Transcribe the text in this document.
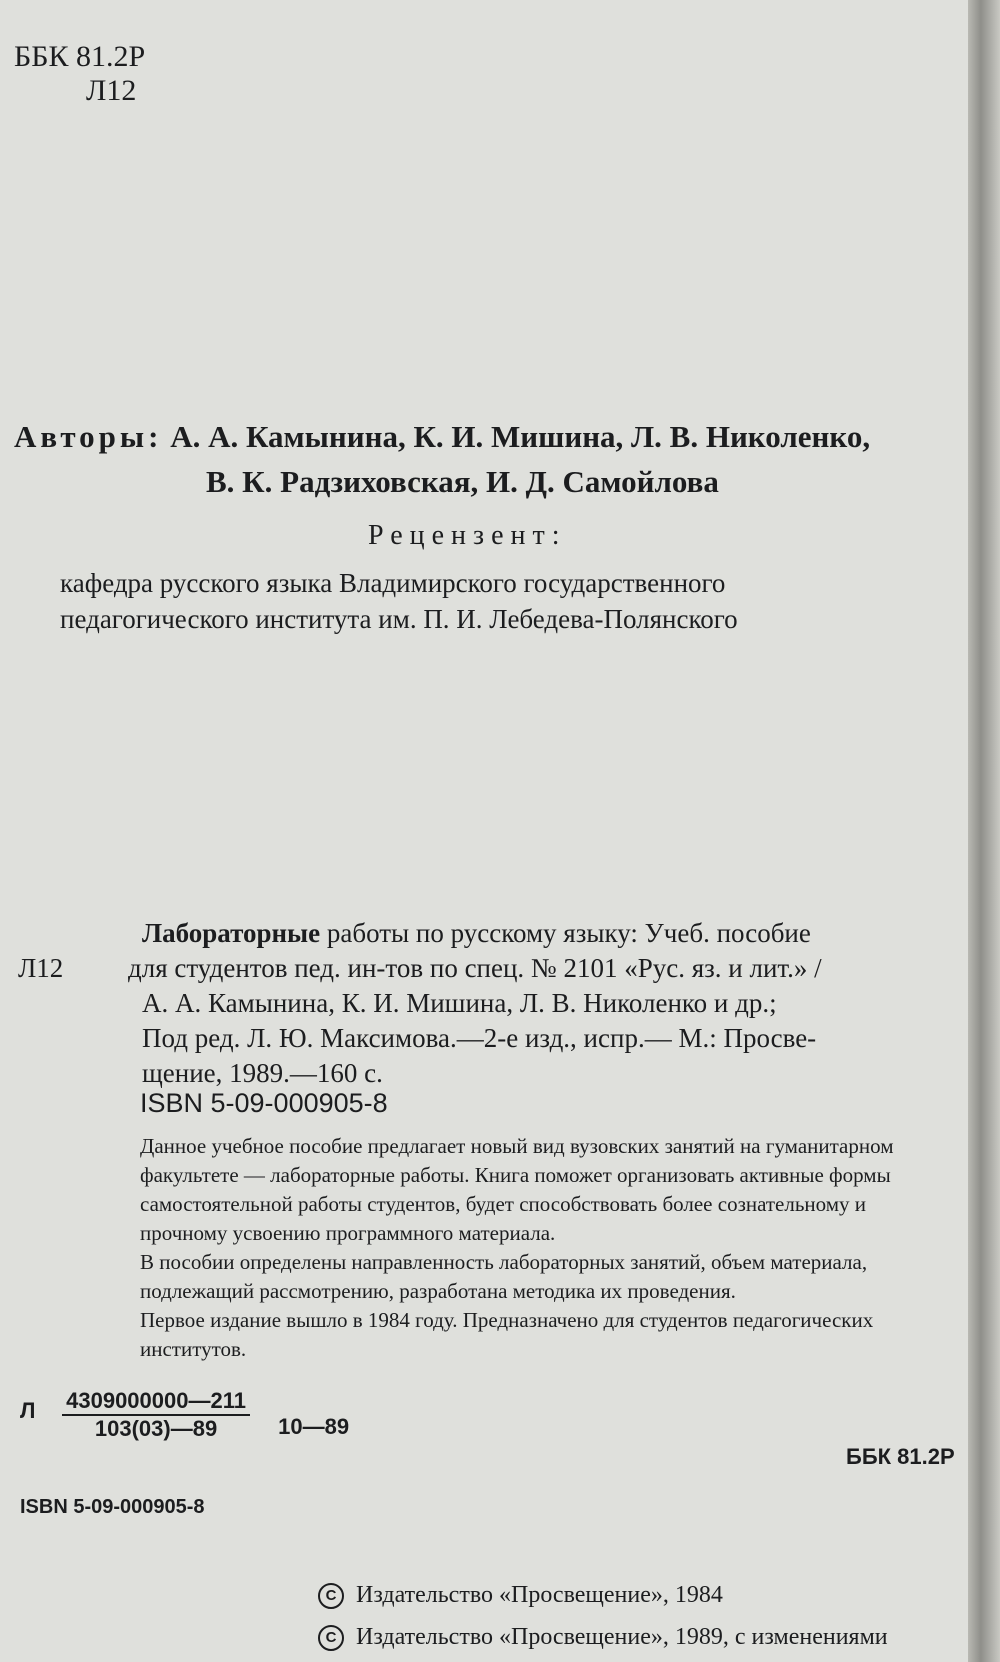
ББК 81.2Р
Л12
Авторы: А. А. Камынина, К. И. Мишина, Л. В. Николенко,
В. К. Радзиховская, И. Д. Самойлова
Рецензент:
кафедра русского языка Владимирского государственного
педагогического института им. П. И. Лебедева-Полянского
Лабораторные работы по русскому языку: Учеб. пособие
Л12 для студентов пед. ин-тов по спец. № 2101 «Рус. яз. и лит.» /
А. А. Камынина, К. И. Мишина, Л. В. Николенко и др.;
Под ред. Л. Ю. Максимова.—2-е изд., испр.— М.: Просве-
щение, 1989.—160 с.
ISBN 5-09-000905-8

Данное учебное пособие предлагает новый вид вузовских занятий на гуманитарном факультете — лабораторные работы. Книга поможет организовать активные формы самостоятельной работы студентов, будет способствовать более сознательному и прочному усвоению программного материала.

В пособии определены направленность лабораторных занятий, объем материала, подлежащий рассмотрению, разработана методика их проведения.

Первое издание вышло в 1984 году. Предназначено для студентов педагогических институтов.

Л $\frac{4309000000—211}{103(03)—89}$ 10—89
ББК 81.2Р
ISBN 5-09-000905-8
C Издательство «Просвещение», 1984
C Издательство «Просвещение», 1989, с изменениями
